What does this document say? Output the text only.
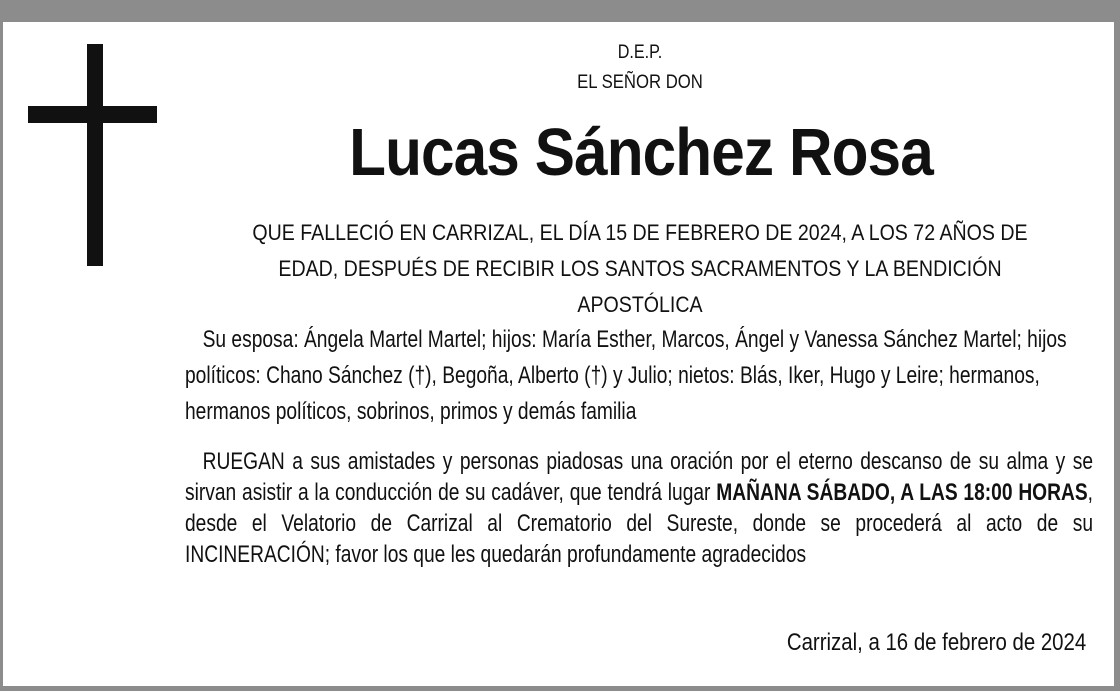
D.E.P.
EL SEÑOR DON
Lucas Sánchez Rosa
QUE FALLECIÓ EN CARRIZAL, EL DÍA 15 DE FEBRERO DE 2024, A LOS 72 AÑOS DE EDAD, DESPUÉS DE RECIBIR LOS SANTOS SACRAMENTOS Y LA BENDICIÓN APOSTÓLICA
Su esposa: Ángela Martel Martel; hijos: María Esther, Marcos, Ángel y Vanessa Sánchez Martel; hijos políticos: Chano Sánchez (†), Begoña, Alberto (†) y Julio; nietos: Blás, Iker, Hugo y Leire; hermanos, hermanos políticos, sobrinos, primos y demás familia
RUEGAN a sus amistades y personas piadosas una oración por el eterno descanso de su alma y se sirvan asistir a la conducción de su cadáver, que tendrá lugar MAÑANA SÁBADO, A LAS 18:00 HORAS, desde el Velatorio de Carrizal al Crematorio del Sureste, donde se procederá al acto de su INCINERACIÓN; favor los que les quedarán profundamente agradecidos
Carrizal, a 16 de febrero de 2024
